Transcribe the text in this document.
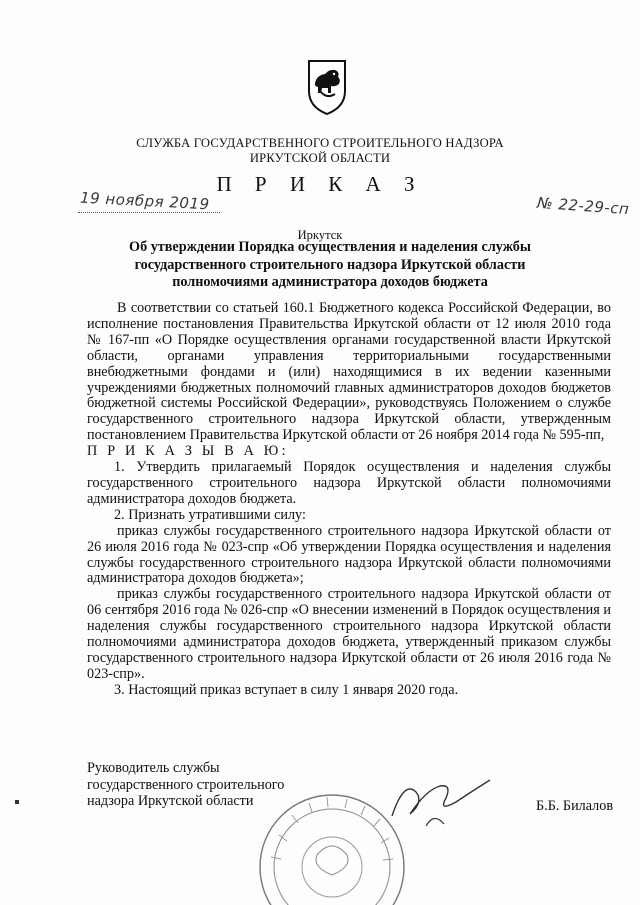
СЛУЖБА ГОСУДАРСТВЕННОГО СТРОИТЕЛЬНОГО НАДЗОРА
ИРКУТСКОЙ ОБЛАСТИ
П Р И К А З
19 ноября 2019	№ 22-29-сп
Иркутск
Об утверждении Порядка осуществления и наделения службы государственного строительного надзора Иркутской области полномочиями администратора доходов бюджета

В соответствии со статьей 160.1 Бюджетного кодекса Российской Федерации, во исполнение постановления Правительства Иркутской области от 12 июля 2010 года № 167-пп «О Порядке осуществления органами государственной власти Иркутской области, органами управления территориальными государственными внебюджетными фондами и (или) находящимися в их ведении казенными учреждениями бюджетных полномочий главных администраторов доходов бюджетов бюджетной системы Российской Федерации», руководствуясь Положением о службе государственного строительного надзора Иркутской области, утвержденным постановлением Правительства Иркутской области от 26 ноября 2014 года № 595-пп,

П Р И К А З Ы В А Ю:

1. Утвердить прилагаемый Порядок осуществления и наделения службы государственного строительного надзора Иркутской области полномочиями администратора доходов бюджета.

2. Признать утратившими силу:

приказ службы государственного строительного надзора Иркутской области от 26 июля 2016 года № 023-спр «Об утверждении Порядка осуществления и наделения службы государственного строительного надзора Иркутской области полномочиями администратора доходов бюджета»;

приказ службы государственного строительного надзора Иркутской области от 06 сентября 2016 года № 026-спр «О внесении изменений в Порядок осуществления и наделения службы государственного строительного надзора Иркутской области полномочиями администратора доходов бюджета, утвержденный приказом службы государственного строительного надзора Иркутской области от 26 июля 2016 года № 023-спр».

3. Настоящий приказ вступает в силу 1 января 2020 года.

Руководитель службы
государственного строительного
надзора Иркутской области	Б.Б. Билалов
